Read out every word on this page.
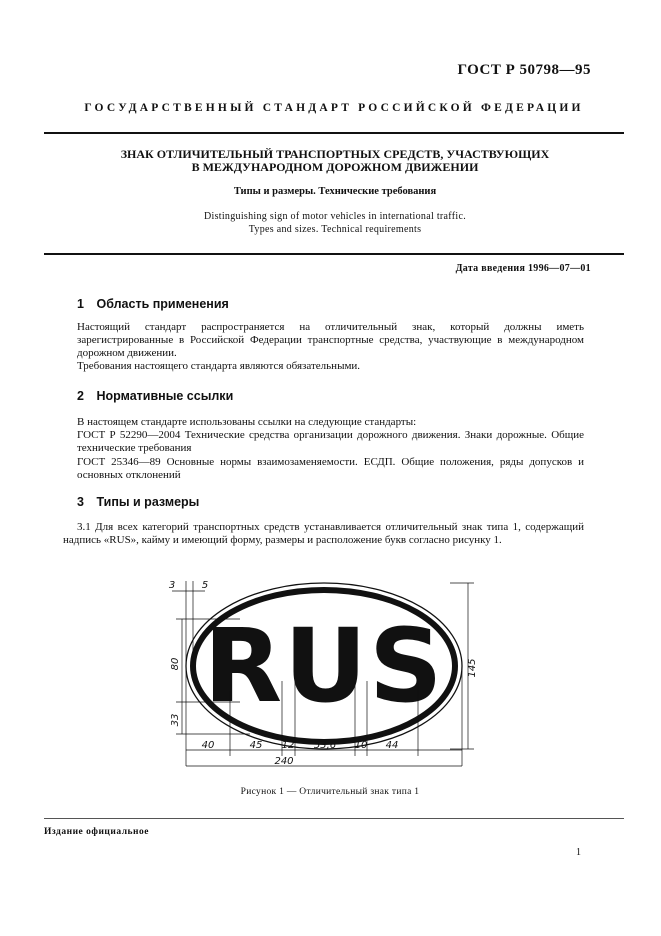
ГОСТ Р 50798—95
ГОСУДАРСТВЕННЫЙ СТАНДАРТ РОССИЙСКОЙ ФЕДЕРАЦИИ
ЗНАК ОТЛИЧИТЕЛЬНЫЙ ТРАНСПОРТНЫХ СРЕДСТВ, УЧАСТВУЮЩИХ
В МЕЖДУНАРОДНОМ ДОРОЖНОМ ДВИЖЕНИИ
Типы и размеры. Технические требования
Distinguishing sign of motor vehicles in international traffic.
Types and sizes. Technical requirements
Дата введения 1996—07—01
1 Область применения
Настоящий стандарт распространяется на отличительный знак, который должны иметь зарегистрированные в Российской Федерации транспортные средства, участвующие в международном дорожном движении.
Требования настоящего стандарта являются обязательными.
2 Нормативные ссылки
В настоящем стандарте использованы ссылки на следующие стандарты:
ГОСТ Р 52290—2004 Технические средства организации дорожного движения. Знаки дорожные. Общие технические требования
ГОСТ 25346—89 Основные нормы взаимозаменяемости. ЕСДП. Общие положения, ряды допусков и основных отклонений
3 Типы и размеры
3.1 Для всех категорий транспортных средств устанавливается отличительный знак типа 1, содержащий надпись «RUS», кайму и имеющий форму, размеры и расположение букв согласно рисунку 1.
RUS
3	5
80
33
145
40	45 12 53,6 10 44
240
Рисунок 1 — Отличительный знак типа 1
Издание официальное
1
